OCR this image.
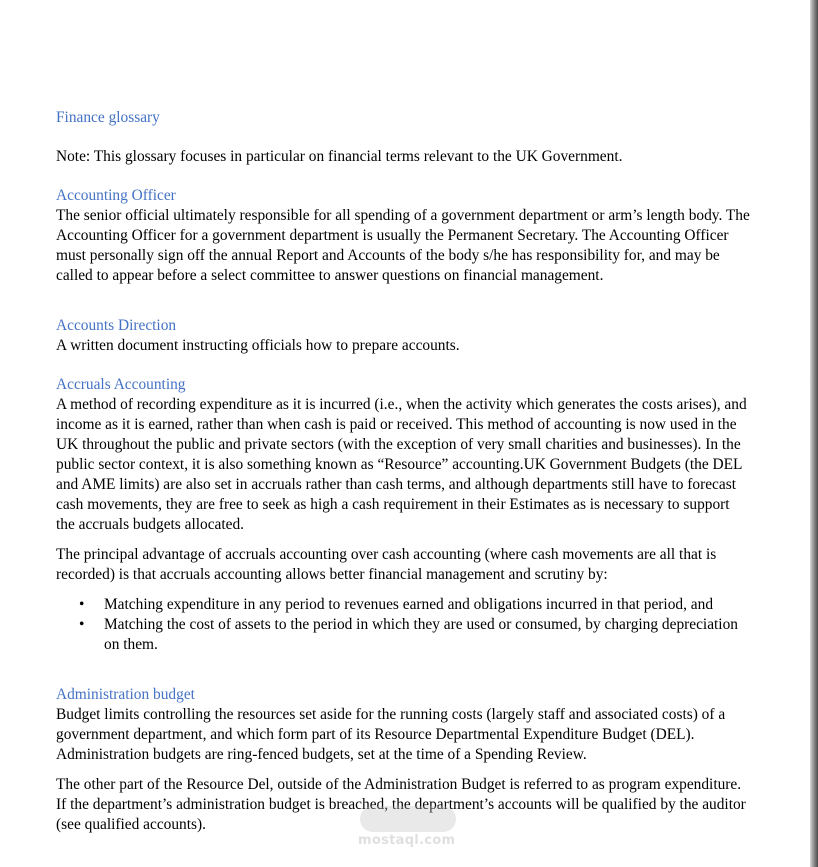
Finance glossary

Note: This glossary focuses in particular on financial terms relevant to the UK Government.

Accounting Officer

The senior official ultimately responsible for all spending of a government department or arm’s length body. The
Accounting Officer for a government department is usually the Permanent Secretary. The Accounting Officer
must personally sign off the annual Report and Accounts of the body s/he has responsibility for, and may be
called to appear before a select committee to answer questions on financial management.

Accounts Direction

A written document instructing officials how to prepare accounts.

Accruals Accounting

A method of recording expenditure as it is incurred (i.e., when the activity which generates the costs arises), and
income as it is earned, rather than when cash is paid or received. This method of accounting is now used in the
UK throughout the public and private sectors (with the exception of very small charities and businesses). In the
public sector context, it is also something known as “Resource” accounting.UK Government Budgets (the DEL
and AME limits) are also set in accruals rather than cash terms, and although departments still have to forecast
cash movements, they are free to seek as high a cash requirement in their Estimates as is necessary to support
the accruals budgets allocated.

The principal advantage of accruals accounting over cash accounting (where cash movements are all that is
recorded) is that accruals accounting allows better financial management and scrutiny by:

• Matching expenditure in any period to revenues earned and obligations incurred in that period, and
• Matching the cost of assets to the period in which they are used or consumed, by charging depreciation
on them.
Administration budget

Budget limits controlling the resources set aside for the running costs (largely staff and associated costs) of a
government department, and which form part of its Resource Departmental Expenditure Budget (DEL).
Administration budgets are ring-fenced budgets, set at the time of a Spending Review.

The other part of the Resource Del, outside of the Administration Budget is referred to as program expenditure.
If the department’s administration budget is breached, the department’s accounts will be qualified by the auditor
(see qualified accounts).

mostaql.com
